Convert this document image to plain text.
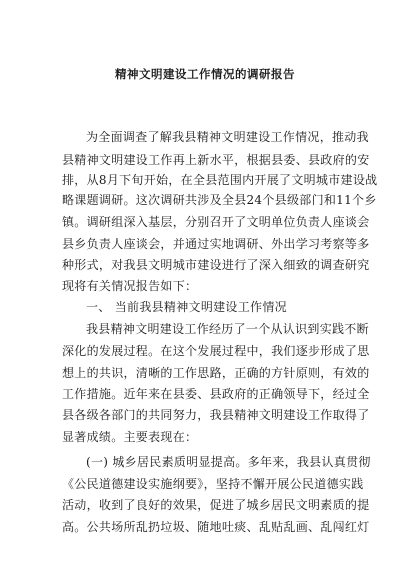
精神文明建设工作情况的调研报告
为全面调查了解我县精神文明建设工作情况，推动我
县精神文明建设工作再上新水平，根据县委、县政府的安
排，从8月下旬开始，在全县范围内开展了文明城市建设战
略课题调研。这次调研共涉及全县24个县级部门和11个乡
镇。调研组深入基层，分别召开了文明单位负责人座谈会
县乡负责人座谈会，并通过实地调研、外出学习考察等多
种形式，对我县文明城市建设进行了深入细致的调查研究
现将有关情况报告如下：
一、 当前我县精神文明建设工作情况
我县精神文明建设工作经历了一个从认识到实践不断
深化的发展过程。在这个发展过程中，我们逐步形成了思
想上的共识，清晰的工作思路，正确的方针原则，有效的
工作措施。近年来在县委、县政府的正确领导下，经过全
县各级各部门的共同努力，我县精神文明建设工作取得了
显著成绩。主要表现在：
(一) 城乡居民素质明显提高。多年来，我县认真贯彻
《公民道德建设实施纲要》，坚持不懈开展公民道德实践
活动，收到了良好的效果，促进了城乡居民文明素质的提
高。公共场所乱扔垃圾、随地吐痰、乱贴乱画、乱闯红灯
